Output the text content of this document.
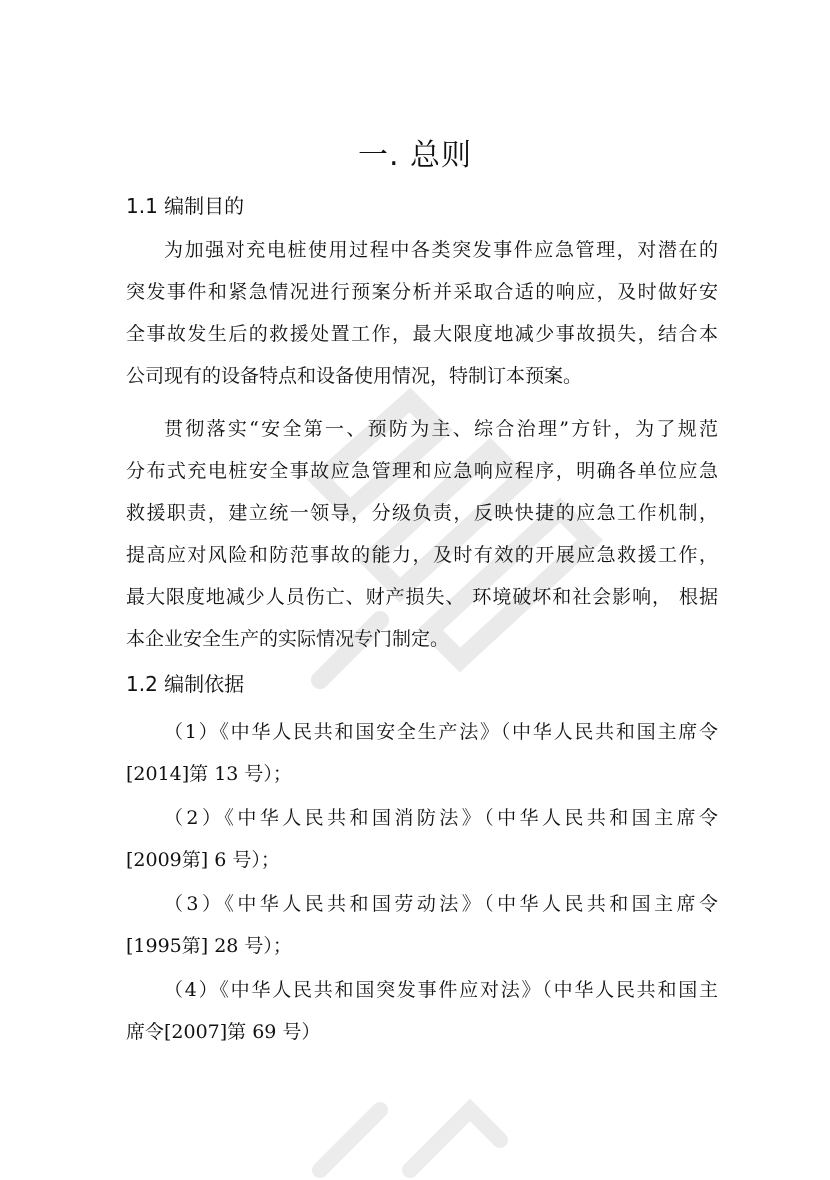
一. 总则
1.1 编制目的
为加强对充电桩使用过程中各类突发事件应急管理，对潜在的
突发事件和紧急情况进行预案分析并采取合适的响应，及时做好安
全事故发生后的救援处置工作，最大限度地减少事故损失，结合本
公司现有的设备特点和设备使用情况，特制订本预案。
贯彻落实“安全第一、预防为主、综合治理”方针，为了规范
分布式充电桩安全事故应急管理和应急响应程序，明确各单位应急
救援职责，建立统一领导，分级负责，反映快捷的应急工作机制，
提高应对风险和防范事故的能力，及时有效的开展应急救援工作，
最大限度地减少人员伤亡、财产损失、 环境破坏和社会影响， 根据
本企业安全生产的实际情况专门制定。
1.2 编制依据
（1）《中华人民共和国安全生产法》（中华人民共和国主席令
[2014]第 13 号）；
（2）《中华人民共和国消防法》（中华人民共和国主席令
[2009第] 6 号）；
（3）《中华人民共和国劳动法》（中华人民共和国主席令
[1995第] 28 号）；
（4）《中华人民共和国突发事件应对法》（中华人民共和国主
席令[2007]第 69 号）
